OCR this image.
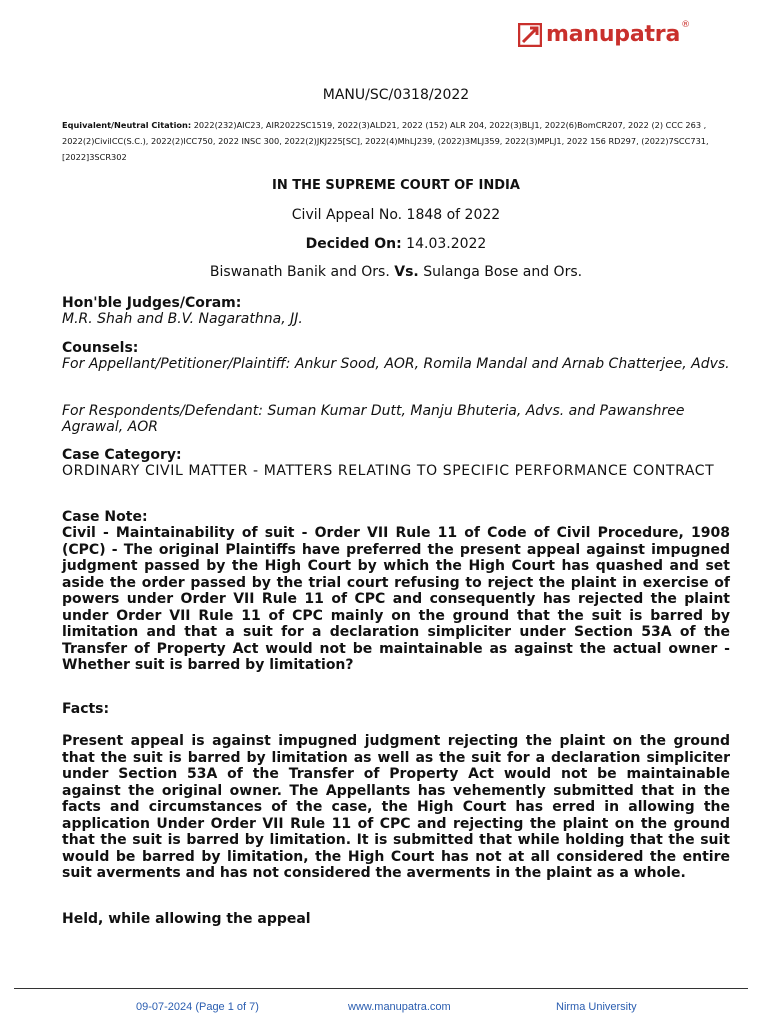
manupatra ®
MANU/SC/0318/2022
Equivalent/Neutral Citation: 2022(232)AIC23, AIR2022SC1519, 2022(3)ALD21, 2022 (152) ALR 204, 2022(3)BLJ1, 2022(6)BomCR207, 2022 (2) CCC 263 , 2022(2)CivilCC(S.C.), 2022(2)ICC750, 2022 INSC 300, 2022(2)JKJ225[SC], 2022(4)MhLJ239, (2022)3MLJ359, 2022(3)MPLJ1, 2022 156 RD297, (2022)7SCC731, [2022]3SCR302
IN THE SUPREME COURT OF INDIA
Civil Appeal No. 1848 of 2022
Decided On: 14.03.2022
Biswanath Banik and Ors. Vs. Sulanga Bose and Ors.
Hon'ble Judges/Coram:
M.R. Shah and B.V. Nagarathna, JJ.
Counsels:
For Appellant/Petitioner/Plaintiff: Ankur Sood, AOR, Romila Mandal and Arnab Chatterjee, Advs.
For Respondents/Defendant: Suman Kumar Dutt, Manju Bhuteria, Advs. and Pawanshree Agrawal, AOR
Case Category:
ORDINARY CIVIL MATTER - MATTERS RELATING TO SPECIFIC PERFORMANCE CONTRACT
Case Note:
Civil - Maintainability of suit - Order VII Rule 11 of Code of Civil Procedure, 1908 (CPC) - The original Plaintiffs have preferred the present appeal against impugned judgment passed by the High Court by which the High Court has quashed and set aside the order passed by the trial court refusing to reject the plaint in exercise of powers under Order VII Rule 11 of CPC and consequently has rejected the plaint under Order VII Rule 11 of CPC mainly on the ground that the suit is barred by limitation and that a suit for a declaration simpliciter under Section 53A of the Transfer of Property Act would not be maintainable as against the actual owner - Whether suit is barred by limitation?
Facts:
Present appeal is against impugned judgment rejecting the plaint on the ground that the suit is barred by limitation as well as the suit for a declaration simpliciter under Section 53A of the Transfer of Property Act would not be maintainable against the original owner. The Appellants has vehemently submitted that in the facts and circumstances of the case, the High Court has erred in allowing the application Under Order VII Rule 11 of CPC and rejecting the plaint on the ground that the suit is barred by limitation. It is submitted that while holding that the suit would be barred by limitation, the High Court has not at all considered the entire suit averments and has not considered the averments in the plaint as a whole.
Held, while allowing the appeal
09-07-2024 (Page 1 of 7)	www.manupatra.com	Nirma University
